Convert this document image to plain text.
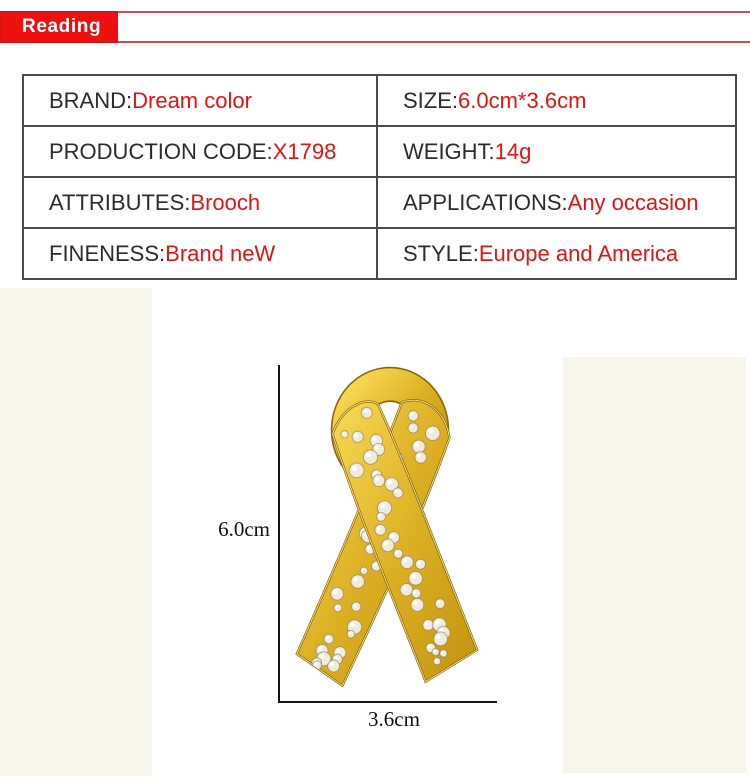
Reading
BRAND:Dream color	SIZE:6.0cm*3.6cm
PRODUCTION CODE:X1798	WEIGHT:14g
ATTRIBUTES:Brooch	APPLICATIONS:Any occasion
FINENESS:Brand neW	STYLE:Europe and America
6.0cm
3.6cm
